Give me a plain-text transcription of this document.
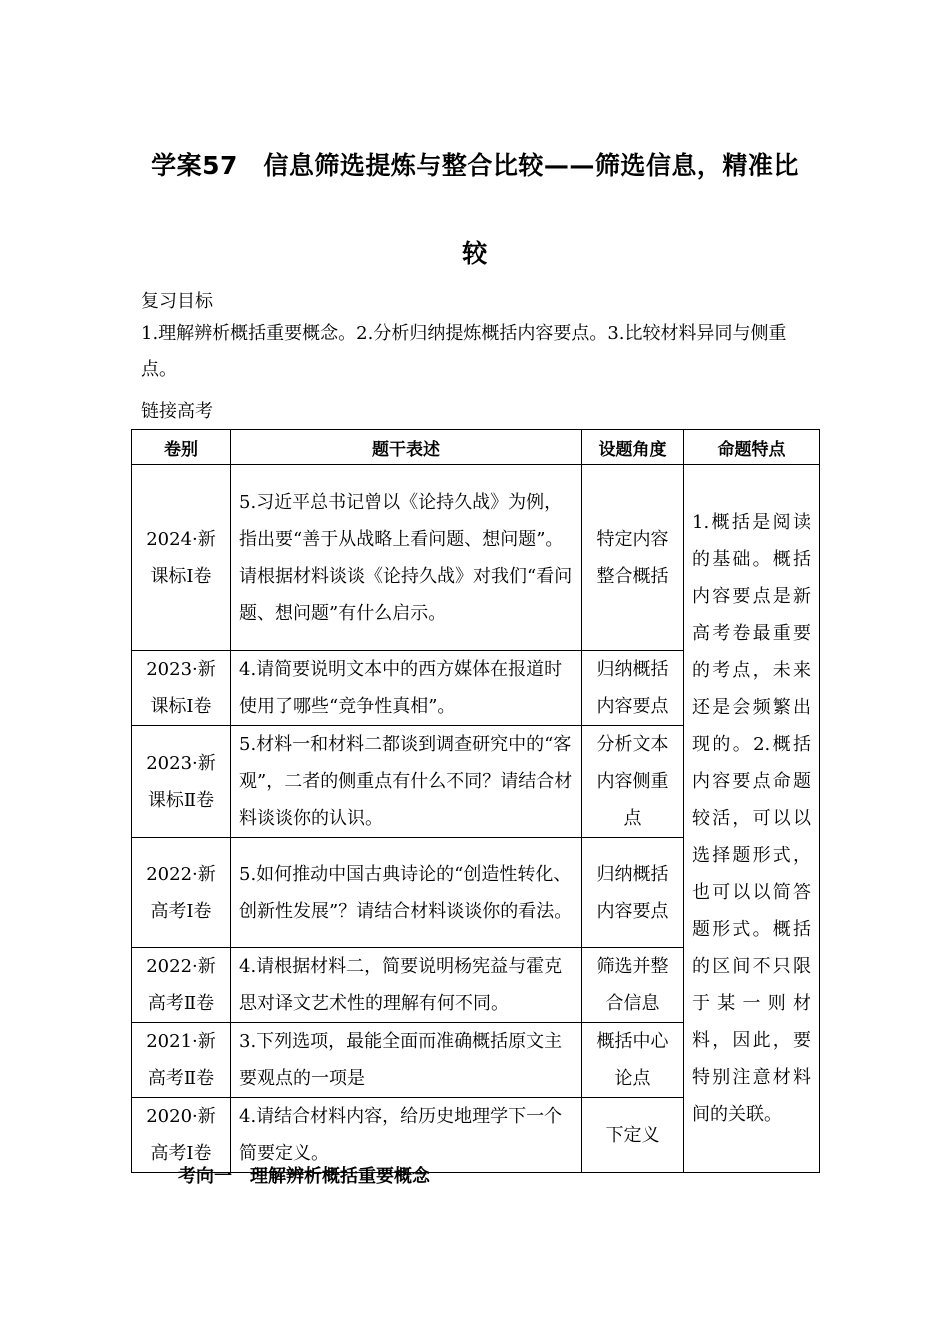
学案57　信息筛选提炼与整合比较——筛选信息，精准比
较
复习目标
1.理解辨析概括重要概念。2.分析归纳提炼概括内容要点。3.比较材料异同与侧重点。
链接高考
卷别	题干表述	设题角度	命题特点
2024·新课标Ⅰ卷	5.习近平总书记曾以《论持久战》为例，指出要“善于从战略上看问题、想问题”。请根据材料谈谈《论持久战》对我们“看问题、想问题”有什么启示。	特定内容整合概括	1.概括是阅读的基础。概括内容要点是新高考卷最重要的考点，未来还是会频繁出现的。2.概括内容要点命题较活，可以以选择题形式，也可以以简答题形式。概括的区间不只限于某一则材料，因此，要特别注意材料间的关联。
2023·新课标Ⅰ卷	4.请简要说明文本中的西方媒体在报道时使用了哪些“竞争性真相”。	归纳概括内容要点	
2023·新课标Ⅱ卷	5.材料一和材料二都谈到调查研究中的“客观”，二者的侧重点有什么不同？请结合材料谈谈你的认识。	分析文本内容侧重点	
2022·新高考Ⅰ卷	5.如何推动中国古典诗论的“创造性转化、创新性发展”？请结合材料谈谈你的看法。	归纳概括内容要点	
2022·新高考Ⅱ卷	4.请根据材料二，简要说明杨宪益与霍克思对译文艺术性的理解有何不同。	筛选并整合信息	
2021·新高考Ⅱ卷	3.下列选项，最能全面而准确概括原文主要观点的一项是	概括中心论点	
2020·新高考Ⅰ卷	4.请结合材料内容，给历史地理学下一个简要定义。	下定义	
考向一 理解辨析概括重要概念
